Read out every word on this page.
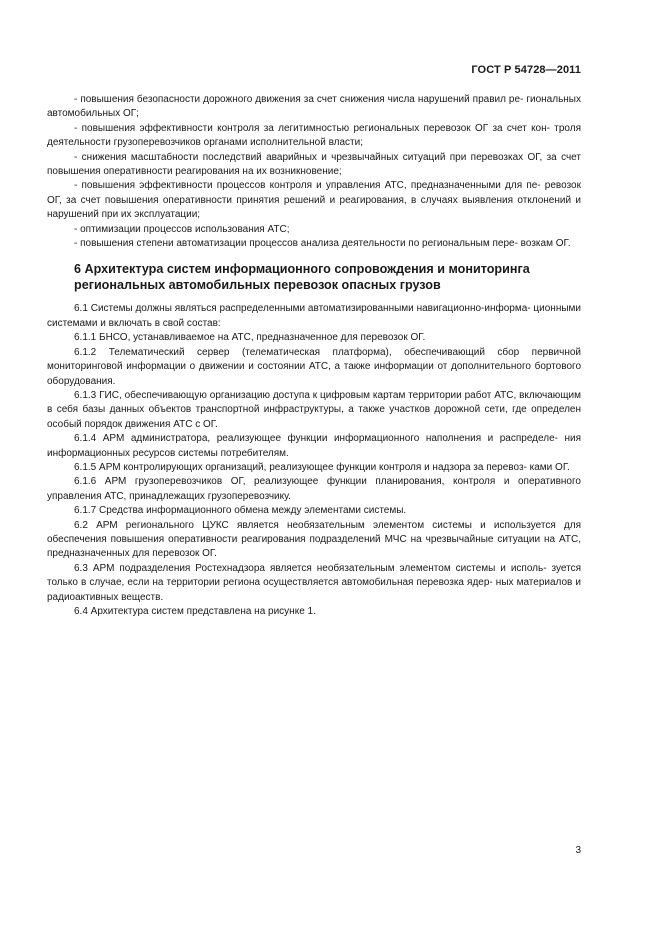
ГОСТ Р 54728—2011

- повышения безопасности дорожного движения за счет снижения числа нарушений правил ре- гиональных автомобильных ОГ;

- повышения эффективности контроля за легитимностью региональных перевозок ОГ за счет кон- троля деятельности грузоперевозчиков органами исполнительной власти;

- снижения масштабности последствий аварийных и чрезвычайных ситуаций при перевозках ОГ, за счет повышения оперативности реагирования на их возникновение;

- повышения эффективности процессов контроля и управления АТС, предназначенными для пе- ревозок ОГ, за счет повышения оперативности принятия решений и реагирования, в случаях выявления отклонений и нарушений при их эксплуатации;

- оптимизации процессов использования АТС;

- повышения степени автоматизации процессов анализа деятельности по региональным пере- возкам ОГ.

6 Архитектура систем информационного сопровождения и мониторинга региональных автомобильных перевозок опасных грузов

6.1 Системы должны являться распределенными автоматизированными навигационно-информа- ционными системами и включать в свой состав:

6.1.1 БНСО, устанавливаемое на АТС, предназначенное для перевозок ОГ.

6.1.2 Телематический сервер (телематическая платформа), обеспечивающий сбор первичной мониторинговой информации о движении и состоянии АТС, а также информации от дополнительного бортового оборудования.

6.1.3 ГИС, обеспечивающую организацию доступа к цифровым картам территории работ АТС, включающим в себя базы данных объектов транспортной инфраструктуры, а также участков дорожной сети, где определен особый порядок движения АТС с ОГ.

6.1.4 АРМ администратора, реализующее функции информационного наполнения и распределе- ния информационных ресурсов системы потребителям.

6.1.5 АРМ контролирующих организаций, реализующее функции контроля и надзора за перевоз- ками ОГ.

6.1.6 АРМ грузоперевозчиков ОГ, реализующее функции планирования, контроля и оперативного управления АТС, принадлежащих грузоперевозчику.

6.1.7 Средства информационного обмена между элементами системы.

6.2 АРМ регионального ЦУКС является необязательным элементом системы и используется для обеспечения повышения оперативности реагирования подразделений МЧС на чрезвычайные ситуации на АТС, предназначенных для перевозок ОГ.

6.3 АРМ подразделения Ростехнадзора является необязательным элементом системы и исполь- зуется только в случае, если на территории региона осуществляется автомобильная перевозка ядер- ных материалов и радиоактивных веществ.

6.4 Архитектура систем представлена на рисунке 1.

3
